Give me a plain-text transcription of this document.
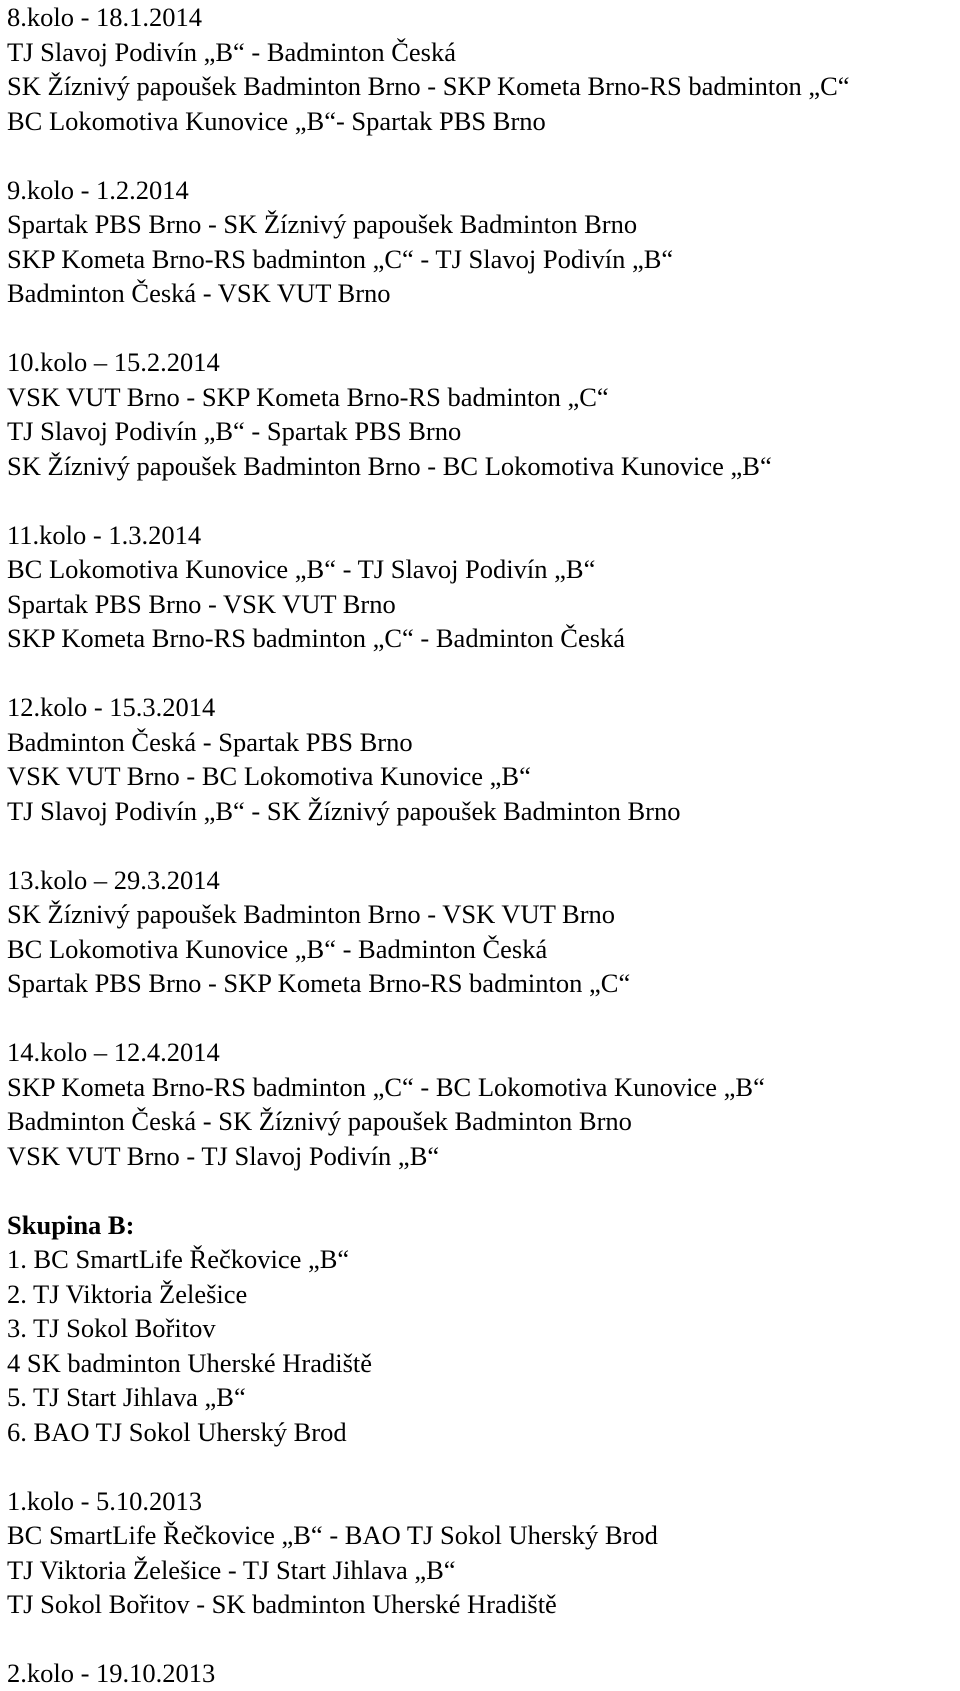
8.kolo - 18.1.2014

TJ Slavoj Podivín „B“ - Badminton Česká

SK Žíznivý papoušek Badminton Brno - SKP Kometa Brno-RS badminton „C“

BC Lokomotiva Kunovice „B“- Spartak PBS Brno

9.kolo - 1.2.2014

Spartak PBS Brno - SK Žíznivý papoušek Badminton Brno

SKP Kometa Brno-RS badminton „C“ - TJ Slavoj Podivín „B“

Badminton Česká - VSK VUT Brno

10.kolo – 15.2.2014

VSK VUT Brno - SKP Kometa Brno-RS badminton „C“

TJ Slavoj Podivín „B“ - Spartak PBS Brno

SK Žíznivý papoušek Badminton Brno - BC Lokomotiva Kunovice „B“

11.kolo - 1.3.2014

BC Lokomotiva Kunovice „B“ - TJ Slavoj Podivín „B“

Spartak PBS Brno - VSK VUT Brno

SKP Kometa Brno-RS badminton „C“ - Badminton Česká

12.kolo - 15.3.2014

Badminton Česká - Spartak PBS Brno

VSK VUT Brno - BC Lokomotiva Kunovice „B“

TJ Slavoj Podivín „B“ - SK Žíznivý papoušek Badminton Brno

13.kolo – 29.3.2014

SK Žíznivý papoušek Badminton Brno - VSK VUT Brno

BC Lokomotiva Kunovice „B“ - Badminton Česká

Spartak PBS Brno - SKP Kometa Brno-RS badminton „C“

14.kolo – 12.4.2014

SKP Kometa Brno-RS badminton „C“ - BC Lokomotiva Kunovice „B“

Badminton Česká - SK Žíznivý papoušek Badminton Brno

VSK VUT Brno - TJ Slavoj Podivín „B“

Skupina B:

1. BC SmartLife Řečkovice „B“

2. TJ Viktoria Želešice

3. TJ Sokol Bořitov

4 SK badminton Uherské Hradiště

5. TJ Start Jihlava „B“

6. BAO TJ Sokol Uherský Brod

1.kolo - 5.10.2013

BC SmartLife Řečkovice „B“ - BAO TJ Sokol Uherský Brod

TJ Viktoria Želešice - TJ Start Jihlava „B“

TJ Sokol Bořitov - SK badminton Uherské Hradiště

2.kolo - 19.10.2013
